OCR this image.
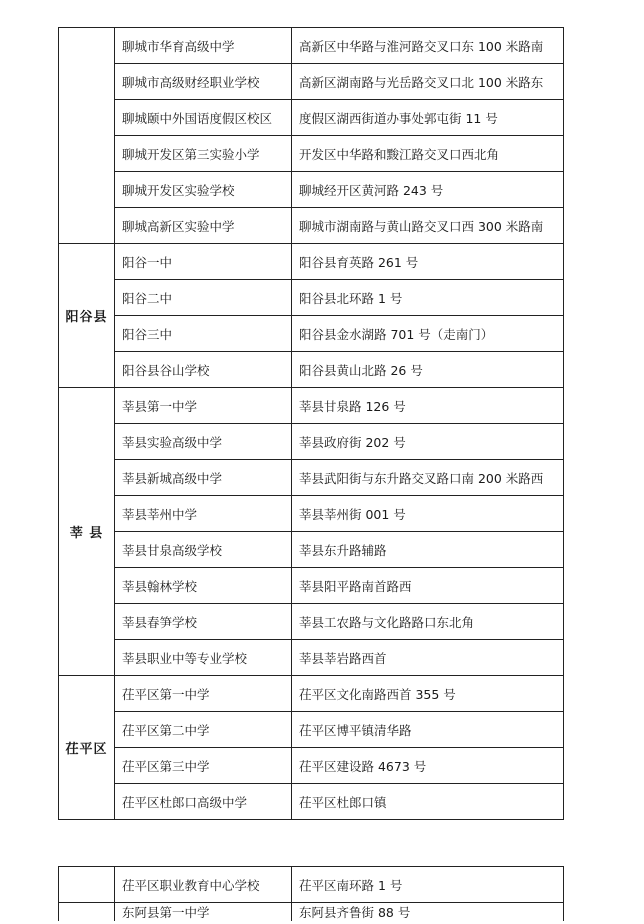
	聊城市华育高级中学	高新区中华路与淮河路交叉口东 100 米路南
	聊城市高级财经职业学校	高新区湖南路与光岳路交叉口北 100 米路东
	聊城颐中外国语度假区校区	度假区湖西街道办事处郭屯街 11 号
	聊城开发区第三实验小学	开发区中华路和黢江路交叉口西北角
	聊城开发区实验学校	聊城经开区黄河路 243 号
	聊城高新区实验中学	聊城市湖南路与黄山路交叉口西 300 米路南
阳谷县	阳谷一中	阳谷县育英路 261 号
	阳谷二中	阳谷县北环路 1 号
	阳谷三中	阳谷县金水湖路 701 号（走南门）
	阳谷县谷山学校	阳谷县黄山北路 26 号
莘 县	莘县第一中学	莘县甘泉路 126 号
	莘县实验高级中学	莘县政府街 202 号
	莘县新城高级中学	莘县武阳街与东升路交叉路口南 200 米路西
	莘县莘州中学	莘县莘州街 001 号
	莘县甘泉高级学校	莘县东升路辅路
	莘县翰林学校	莘县阳平路南首路西
	莘县春笋学校	莘县工农路与文化路路口东北角
	莘县职业中等专业学校	莘县莘岩路西首
茌平区	茌平区第一中学	茌平区文化南路西首 355 号
	茌平区第二中学	茌平区博平镇清华路
	茌平区第三中学	茌平区建设路 4673 号
	茌平区杜郎口高级中学	茌平区杜郎口镇
	茌平区职业教育中心学校	茌平区南环路 1 号
	东阿县第一中学	东阿县齐鲁街 88 号
